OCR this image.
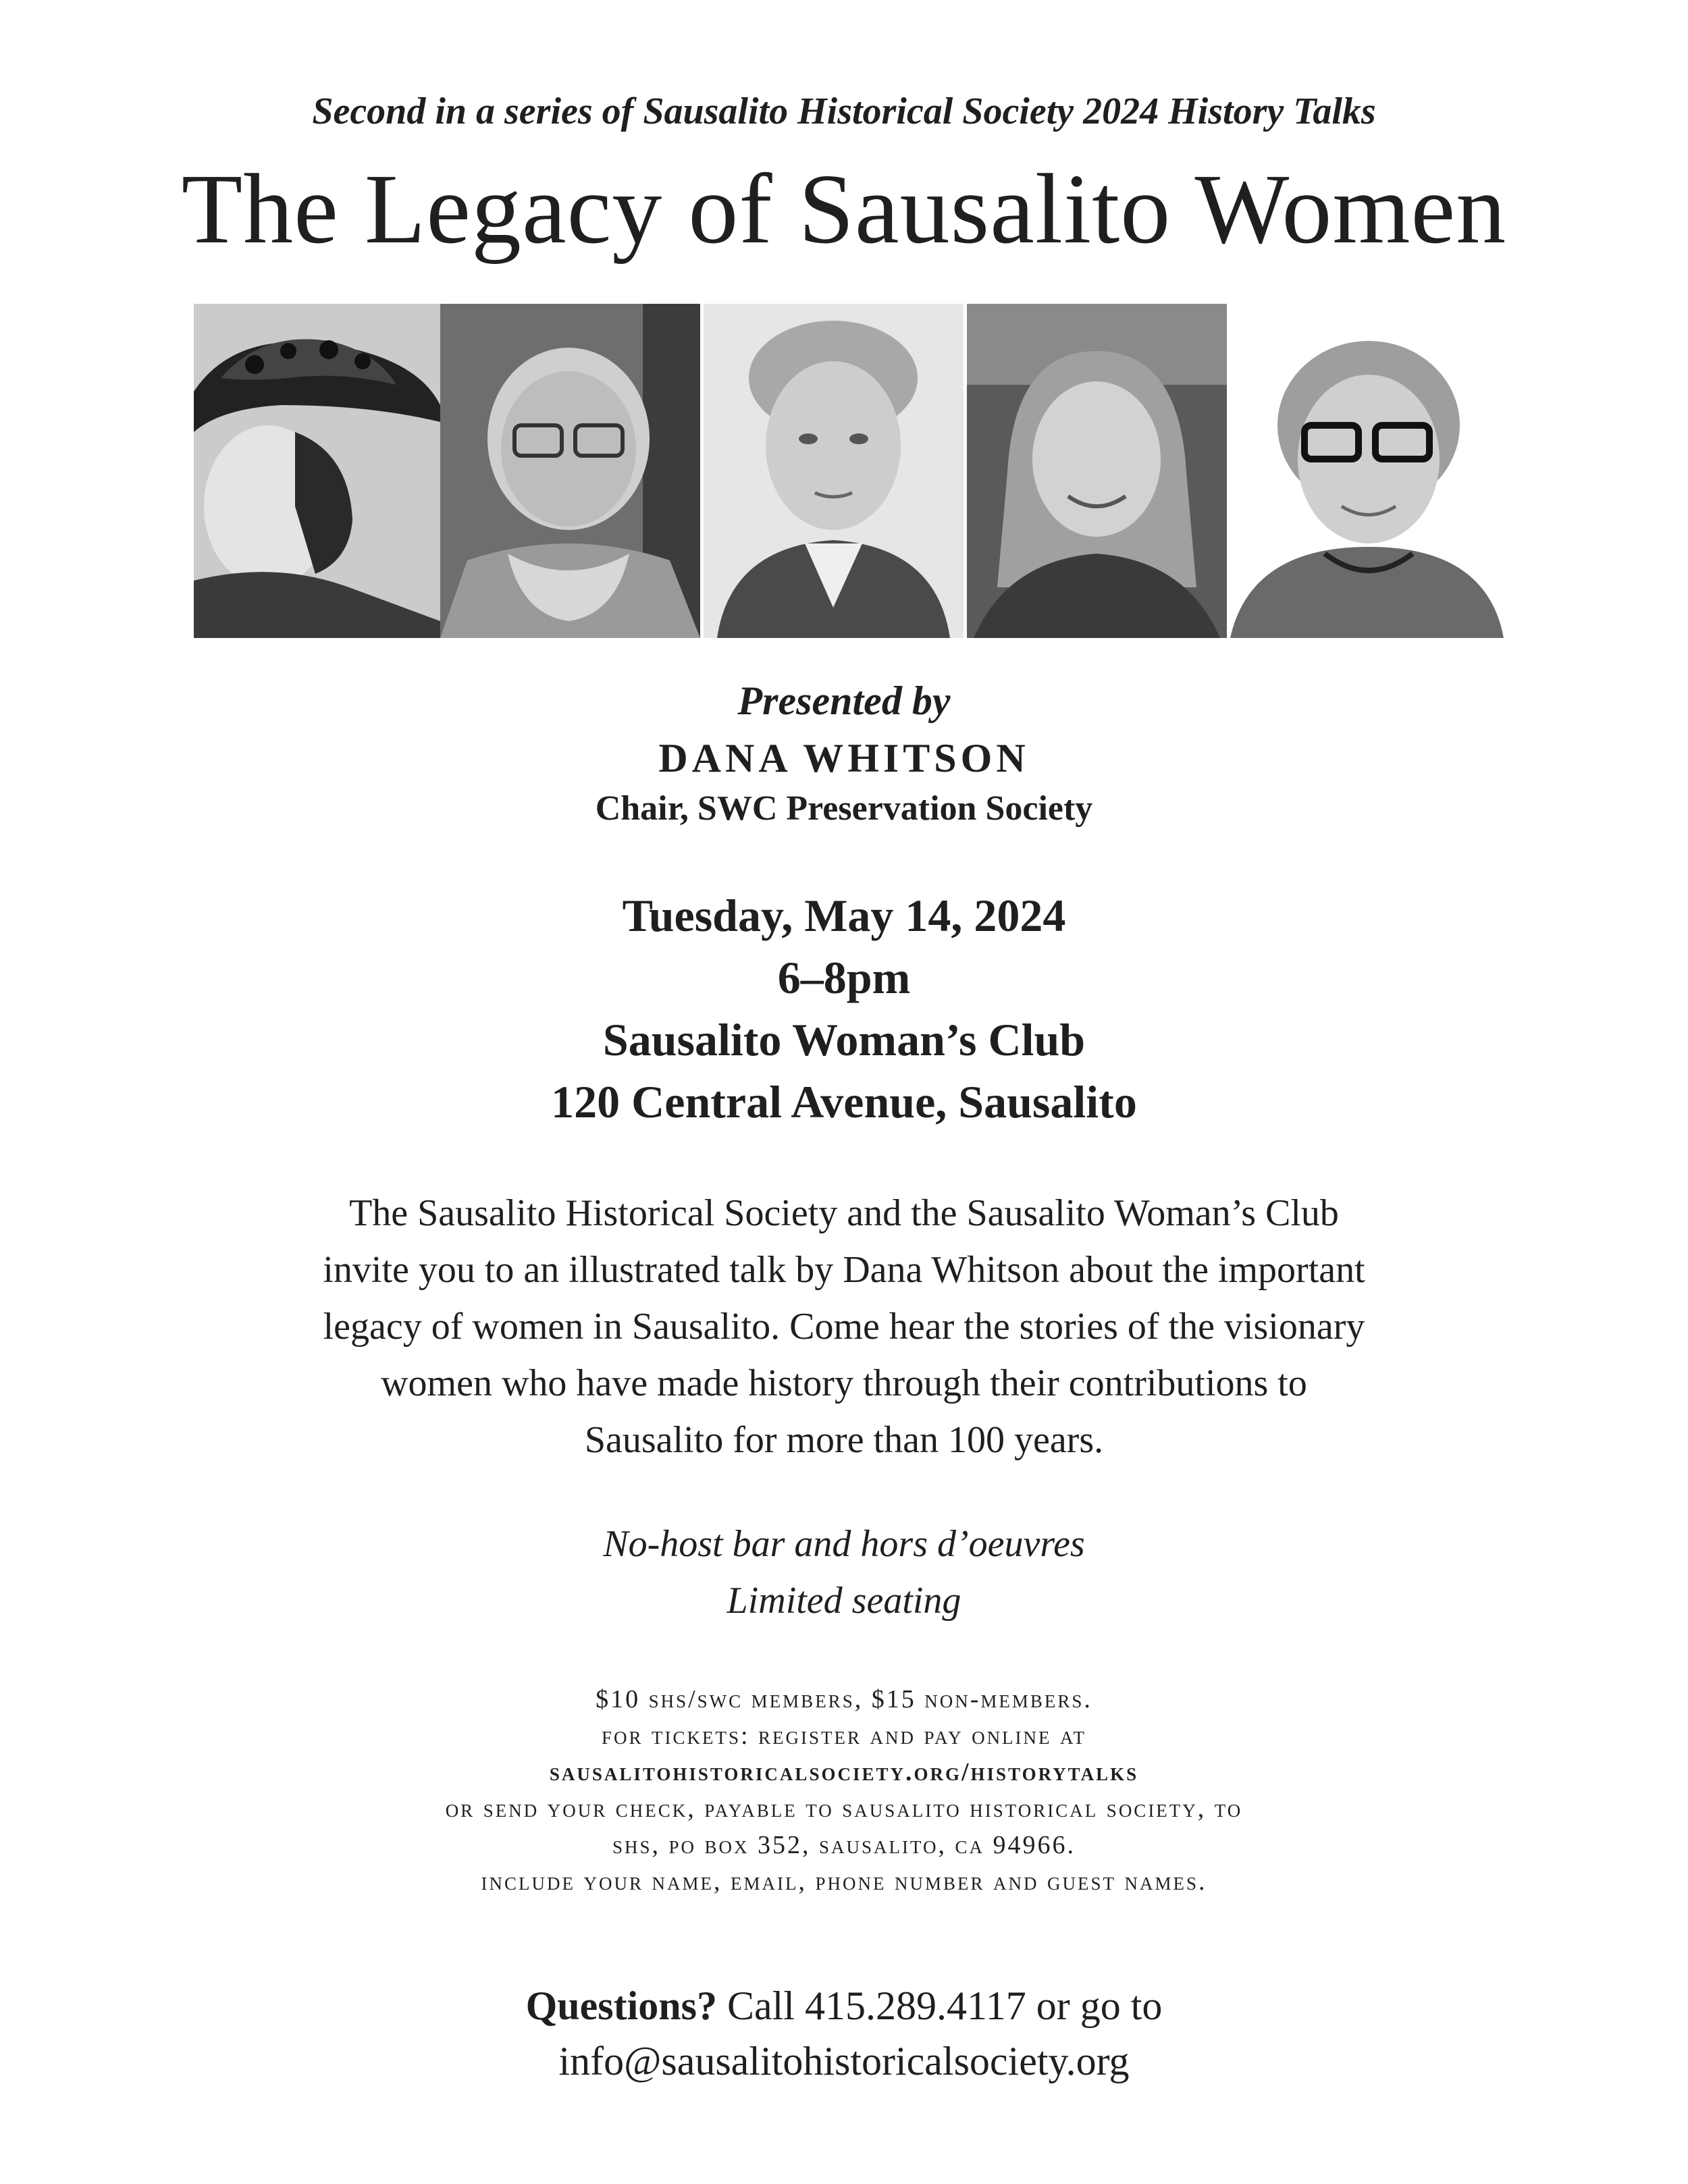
Second in a series of Sausalito Historical Society 2024 History Talks
The Legacy of Sausalito Women
Presented by
DANA WHITSON
Chair, SWC Preservation Society
Tuesday, May 14, 2024
6–8pm
Sausalito Woman’s Club
120 Central Avenue, Sausalito
The Sausalito Historical Society and the Sausalito Woman’s Club
invite you to an illustrated talk by Dana Whitson about the important
legacy of women in Sausalito. Come hear the stories of the visionary
women who have made history through their contributions to
Sausalito for more than 100 years.
No-host bar and hors d’oeuvres
Limited seating
$10 shs/swc members, $15 non-members.
for tickets: register and pay online at
sausalitohistoricalsociety.org/historytalks
or send your check, payable to sausalito historical society, to
shs, po box 352, sausalito, ca 94966.
include your name, email, phone number and guest names.
Questions? Call 415.289.4117 or go to
info@sausalitohistoricalsociety.org
